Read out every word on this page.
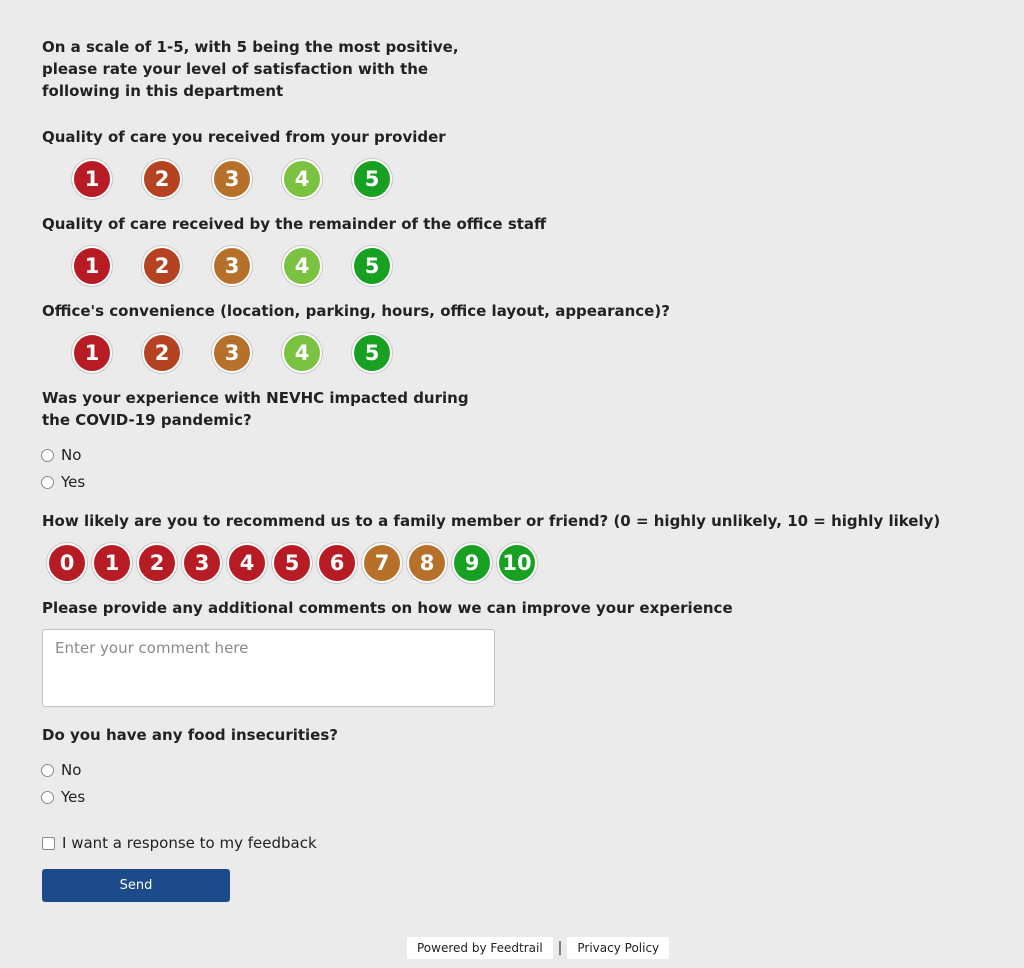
On a scale of 1-5, with 5 being the most positive, please rate your level of satisfaction with the following in this department

Quality of care you received from your provider

1	2	3	4	5

Quality of care received by the remainder of the office staff

1	2	3	4	5

Office's convenience (location, parking, hours, office layout, appearance)?

1	2	3	4	5

Was your experience with NEVHC impacted during the COVID-19 pandemic?

No
Yes

How likely are you to recommend us to a family member or friend? (0 = highly unlikely, 10 = highly likely)

0	1	2	3	4	5	6	7	8	9	10

Please provide any additional comments on how we can improve your experience

Enter your comment here

Do you have any food insecurities?

No
Yes
I want a response to my feedback
Send
Powered by Feedtrail	|	Privacy Policy
